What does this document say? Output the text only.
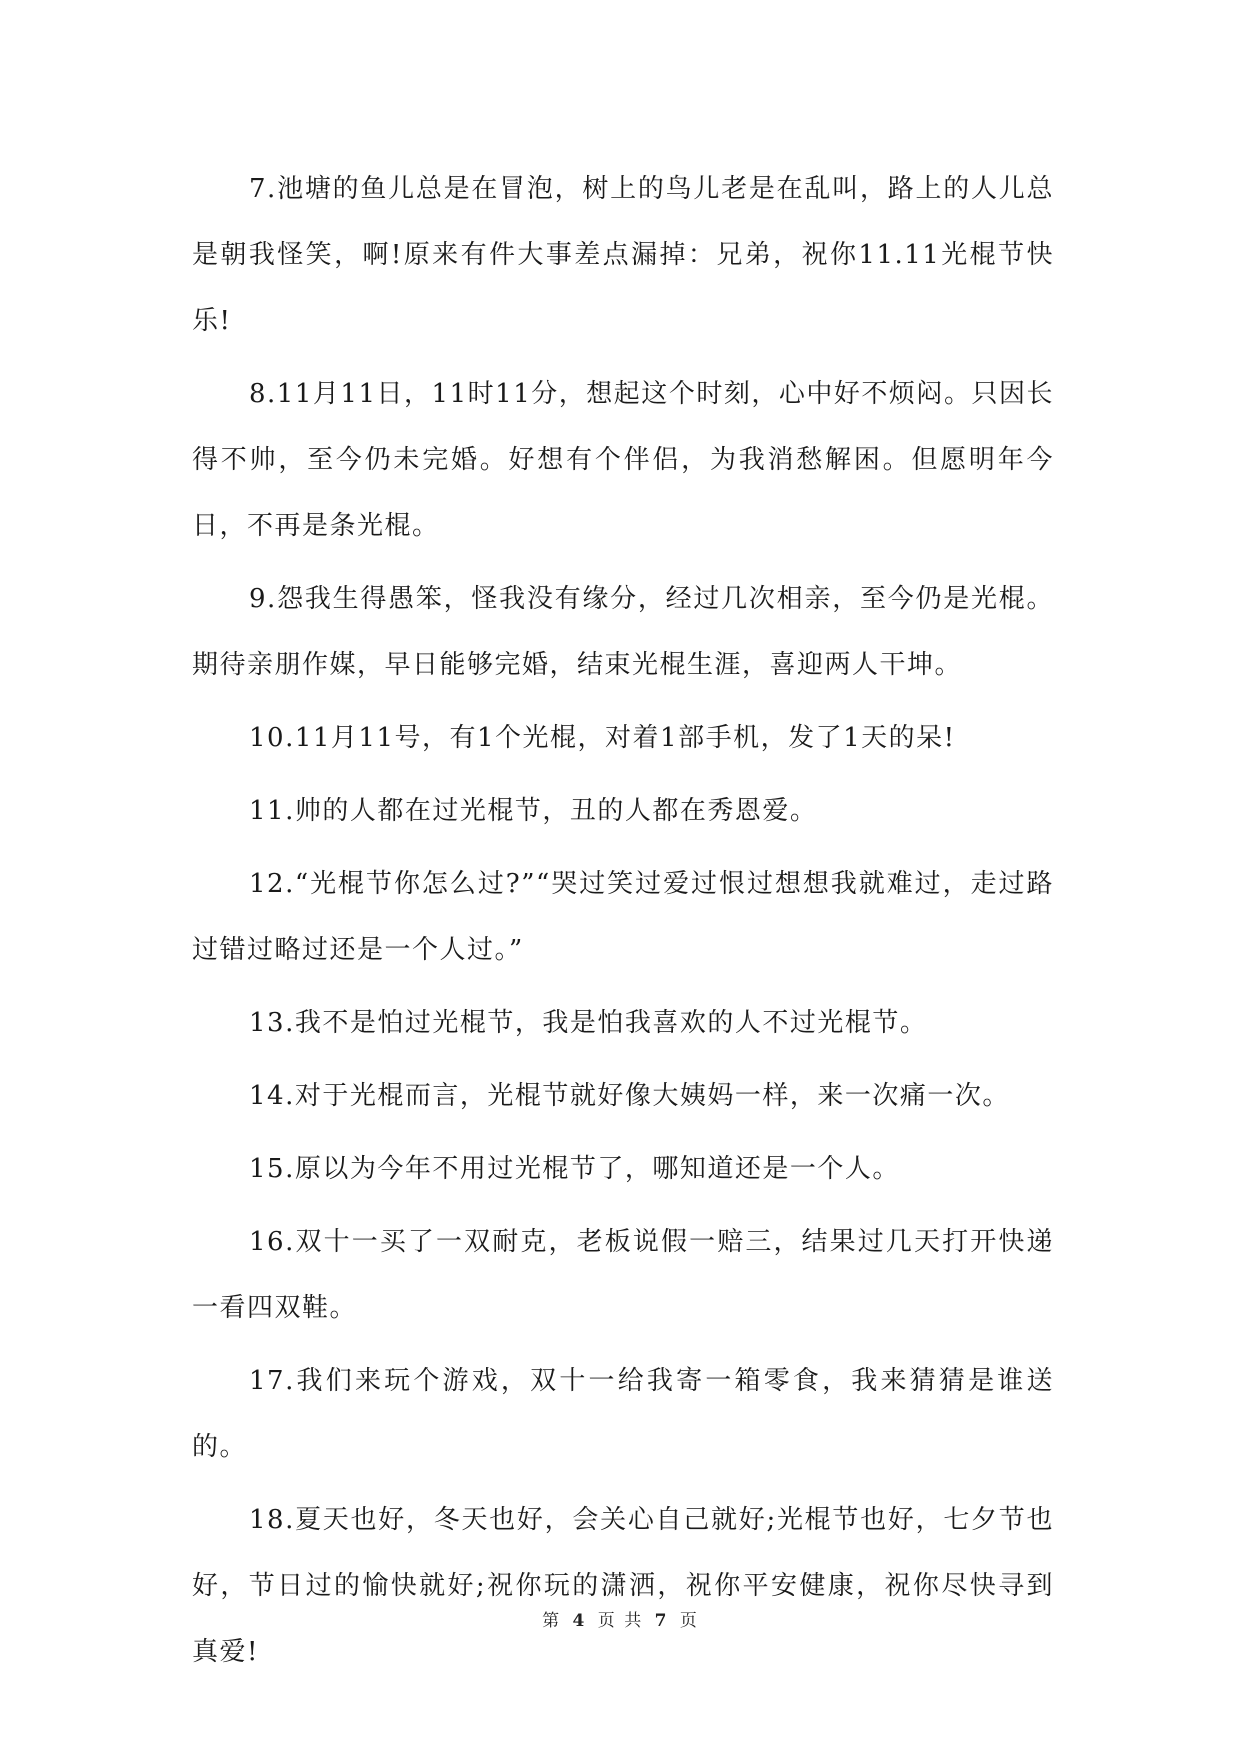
7.池塘的鱼儿总是在冒泡，树上的鸟儿老是在乱叫，路上的人儿总是朝我怪笑，啊!原来有件大事差点漏掉：兄弟，祝你11.11光棍节快乐!

8.11月11日，11时11分，想起这个时刻，心中好不烦闷。只因长得不帅，至今仍未完婚。好想有个伴侣，为我消愁解困。但愿明年今日，不再是条光棍。

9.怨我生得愚笨，怪我没有缘分，经过几次相亲，至今仍是光棍。期待亲朋作媒，早日能够完婚，结束光棍生涯，喜迎两人干坤。

10.11月11号，有1个光棍，对着1部手机，发了1天的呆!

11.帅的人都在过光棍节，丑的人都在秀恩爱。

12.“光棍节你怎么过?”“哭过笑过爱过恨过想想我就难过，走过路过错过略过还是一个人过。”

13.我不是怕过光棍节，我是怕我喜欢的人不过光棍节。

14.对于光棍而言，光棍节就好像大姨妈一样，来一次痛一次。

15.原以为今年不用过光棍节了，哪知道还是一个人。

16.双十一买了一双耐克，老板说假一赔三，结果过几天打开快递一看四双鞋。

17.我们来玩个游戏，双十一给我寄一箱零食，我来猜猜是谁送的。

18.夏天也好，冬天也好，会关心自己就好;光棍节也好，七夕节也好，节日过的愉快就好;祝你玩的潇洒，祝你平安健康，祝你尽快寻到真爱!

第 4 页 共 7 页
